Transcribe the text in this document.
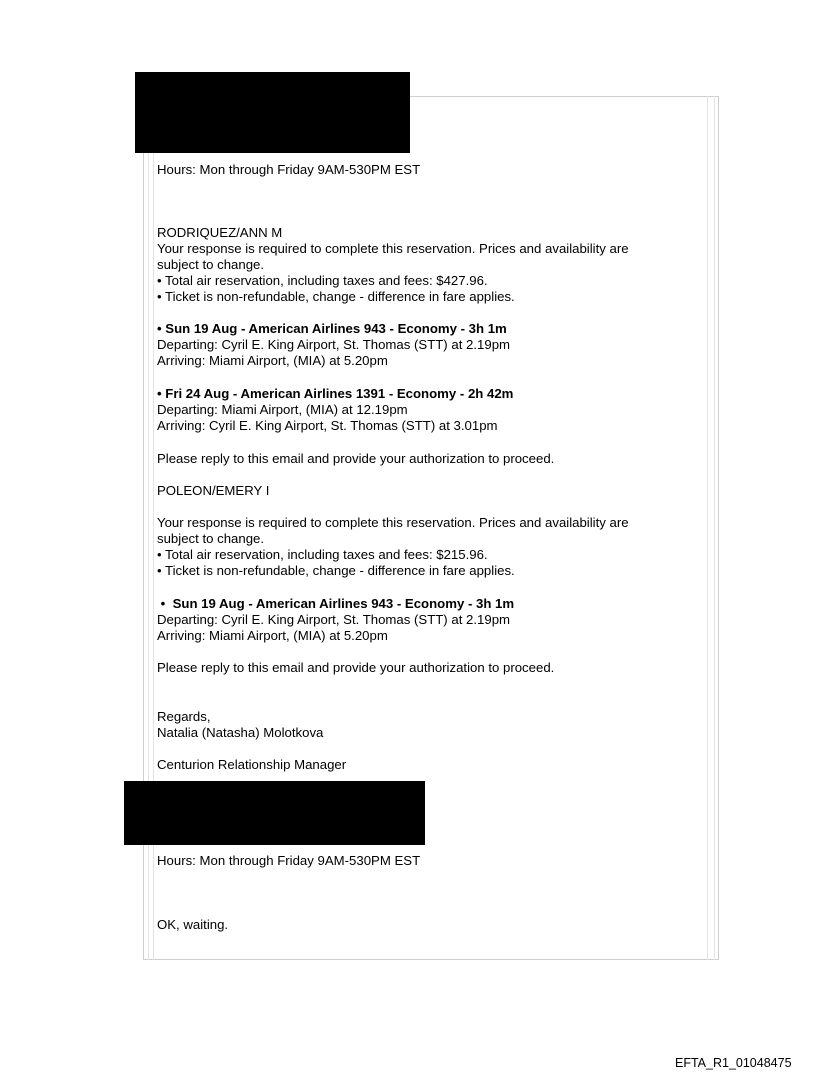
Hours: Mon through Friday 9AM-530PM EST
RODRIQUEZ/ANN M
Your response is required to complete this reservation. Prices and availability are
subject to change.
• Total air reservation, including taxes and fees: $427.96.
• Ticket is non-refundable, change - difference in fare applies.
• Sun 19 Aug - American Airlines 943 - Economy - 3h 1m
Departing: Cyril E. King Airport, St. Thomas (STT) at 2.19pm
Arriving: Miami Airport, (MIA) at 5.20pm
• Fri 24 Aug - American Airlines 1391 - Economy - 2h 42m
Departing: Miami Airport, (MIA) at 12.19pm
Arriving: Cyril E. King Airport, St. Thomas (STT) at 3.01pm
Please reply to this email and provide your authorization to proceed.
POLEON/EMERY I
Your response is required to complete this reservation. Prices and availability are
subject to change.
• Total air reservation, including taxes and fees: $215.96.
• Ticket is non-refundable, change - difference in fare applies.
•  Sun 19 Aug - American Airlines 943 - Economy - 3h 1m
Departing: Cyril E. King Airport, St. Thomas (STT) at 2.19pm
Arriving: Miami Airport, (MIA) at 5.20pm
Please reply to this email and provide your authorization to proceed.
Regards,
Natalia (Natasha) Molotkova
Centurion Relationship Manager
Hours: Mon through Friday 9AM-530PM EST
OK, waiting.
EFTA_R1_01048475
